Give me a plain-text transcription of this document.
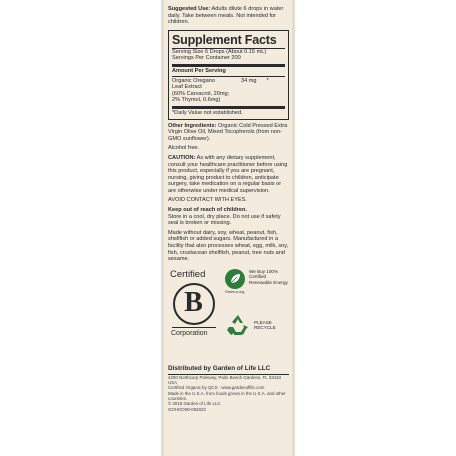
Suggested Use: Adults dilute 6 drops in water daily. Take between meals. Not intended for children.

Supplement Facts

Serving Size 6 Drops (About 0.15 mL)

Servings Per Container 200

Amount Per Serving

Organic Oregano

Leaf Extract

(60% Carvacrol, 20mg;

2% Thymol, 0.6mg)

34 mg *

*Daily Value not established.

Other Ingredients: Organic Cold Pressed Extra Virgin Olive Oil, Mixed Tocopherols (from non-GMO sunflower).

Alcohol free.

CAUTION: As with any dietary supplement, consult your healthcare practitioner before using this product, especially if you are pregnant, nursing, giving product to children, anticipate surgery, take medication on a regular basis or are otherwise under medical supervision.

AVOID CONTACT WITH EYES.

Keep out of reach of children.

Store in a cool, dry place. Do not use if safety seal is broken or missing.

Made without dairy, soy, wheat, peanut, fish, shellfish or added sugars. Manufactured in a facility that also processes wheat, egg, milk, soy, fish, crustacean shellfish, peanut, tree nuts and sesame.

Certified
B
Corporation
Green-e.org
We Buy 100% Certified Renewable Energy
PLEASE RECYCLE
Distributed by Garden of Life LLC

4200 Northcorp Parkway, Palm Beach Gardens, FL 33410 USA

Certified Organic by QCS · www.gardenoflife.com

Made in the U.S.A. from foods grown in the U.S.A. and other countries.

© 2018 Garden of Life LLC

GOHOO08-092823
